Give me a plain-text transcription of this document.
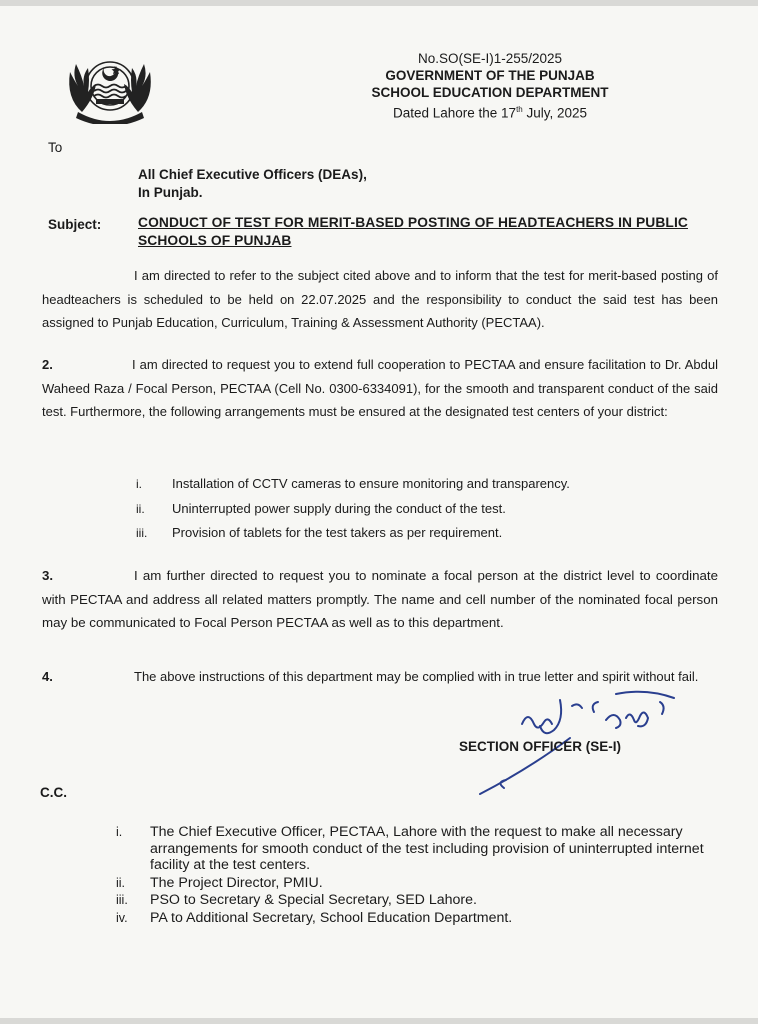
No.SO(SE-I)1-255/2025
GOVERNMENT OF THE PUNJAB
SCHOOL EDUCATION DEPARTMENT
Dated Lahore the 17th July, 2025
To
All Chief Executive Officers (DEAs),
In Punjab.
Subject:	CONDUCT OF TEST FOR MERIT-BASED POSTING OF HEADTEACHERS IN PUBLIC SCHOOLS OF PUNJAB
I am directed to refer to the subject cited above and to inform that the test for merit-based posting of headteachers is scheduled to be held on 22.07.2025 and the responsibility to conduct the said test has been assigned to Punjab Education, Curriculum, Training & Assessment Authority (PECTAA).
2.	I am directed to request you to extend full cooperation to PECTAA and ensure facilitation to Dr. Abdul Waheed Raza / Focal Person, PECTAA (Cell No. 0300-6334091), for the smooth and transparent conduct of the said test. Furthermore, the following arrangements must be ensured at the designated test centers of your district:
i.	Installation of CCTV cameras to ensure monitoring and transparency.
ii.	Uninterrupted power supply during the conduct of the test.
iii.	Provision of tablets for the test takers as per requirement.
3.	I am further directed to request you to nominate a focal person at the district level to coordinate with PECTAA and address all related matters promptly. The name and cell number of the nominated focal person may be communicated to Focal Person PECTAA as well as to this department.
4.	The above instructions of this department may be complied with in true letter and spirit without fail.
SECTION OFFICER (SE-I)
C.C.
i.	The Chief Executive Officer, PECTAA, Lahore with the request to make all necessary arrangements for smooth conduct of the test including provision of uninterrupted internet facility at the test centers.
ii.	The Project Director, PMIU.
iii.	PSO to Secretary & Special Secretary, SED Lahore.
iv.	PA to Additional Secretary, School Education Department.
